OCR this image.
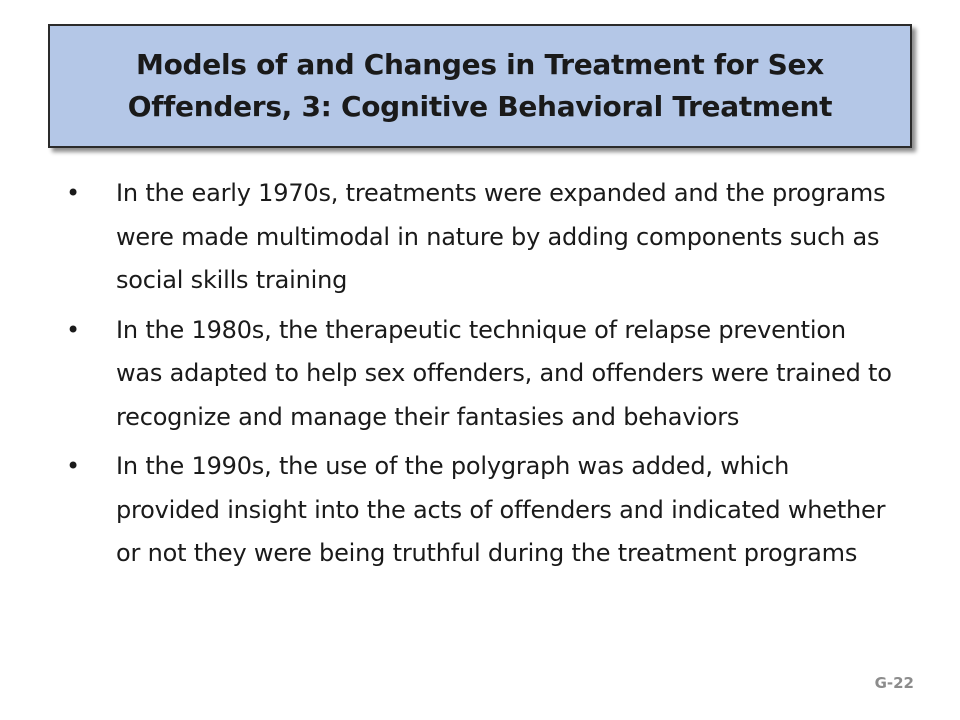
Models of and Changes in Treatment for Sex Offenders, 3: Cognitive Behavioral Treatment
• In the early 1970s, treatments were expanded and the programs were made multimodal in nature by adding components such as social skills training
• In the 1980s, the therapeutic technique of relapse prevention was adapted to help sex offenders, and offenders were trained to recognize and manage their fantasies and behaviors
• In the 1990s, the use of the polygraph was added, which provided insight into the acts of offenders and indicated whether or not they were being truthful during the treatment programs
G-22
